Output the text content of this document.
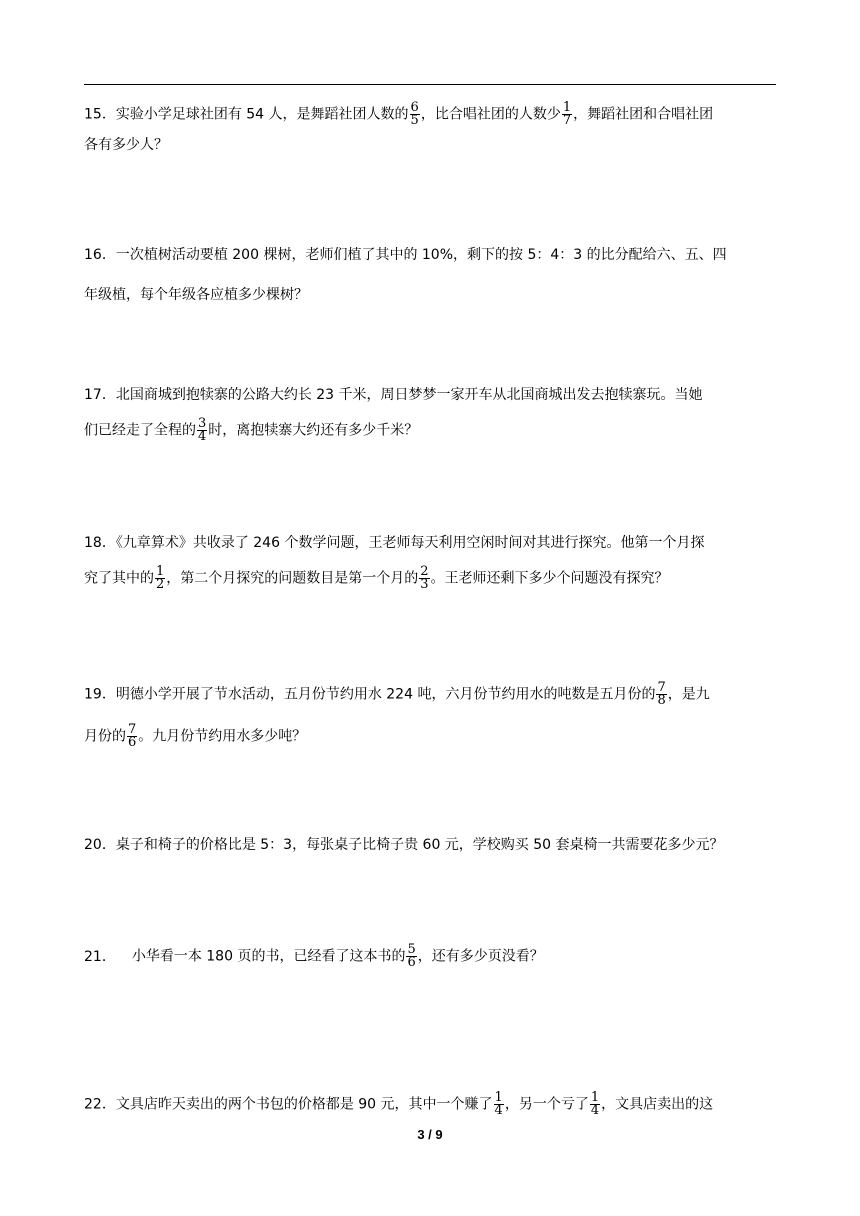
15．实验小学足球社团有 54 人，是舞蹈社团人数的 $\frac{6}{5}$ ，比合唱社团的人数少 $\frac{1}{7}$ ，舞蹈社团和合唱社团
各有多少人？
16．一次植树活动要植 200 棵树，老师们植了其中的 10%，剩下的按 5：4：3 的比分配给六、五、四
年级植，每个年级各应植多少棵树？
17．北国商城到抱犊寨的公路大约长 23 千米，周日梦梦一家开车从北国商城出发去抱犊寨玩。当她
们已经走了全程的 $\frac{3}{4}$ 时，离抱犊寨大约还有多少千米？
18．《九章算术》共收录了 246 个数学问题，王老师每天利用空闲时间对其进行探究。他第一个月探
究了其中的 $\frac{1}{2}$ ，第二个月探究的问题数目是第一个月的 $\frac{2}{3}$ 。王老师还剩下多少个问题没有探究？
19．明德小学开展了节水活动，五月份节约用水 224 吨，六月份节约用水的吨数是五月份的 $\frac{7}{8}$ ，是九
月份的 $\frac{7}{6}$ 。九月份节约用水多少吨？
20．桌子和椅子的价格比是 5：3，每张桌子比椅子贵 60 元，学校购买 50 套桌椅一共需要花多少元？
21． 小华看一本 180 页的书，已经看了这本书的 $\frac{5}{6}$ ，还有多少页没看？
22．文具店昨天卖出的两个书包的价格都是 90 元，其中一个赚了 $\frac{1}{4}$ ，另一个亏了 $\frac{1}{4}$ ，文具店卖出的这
3 / 9
